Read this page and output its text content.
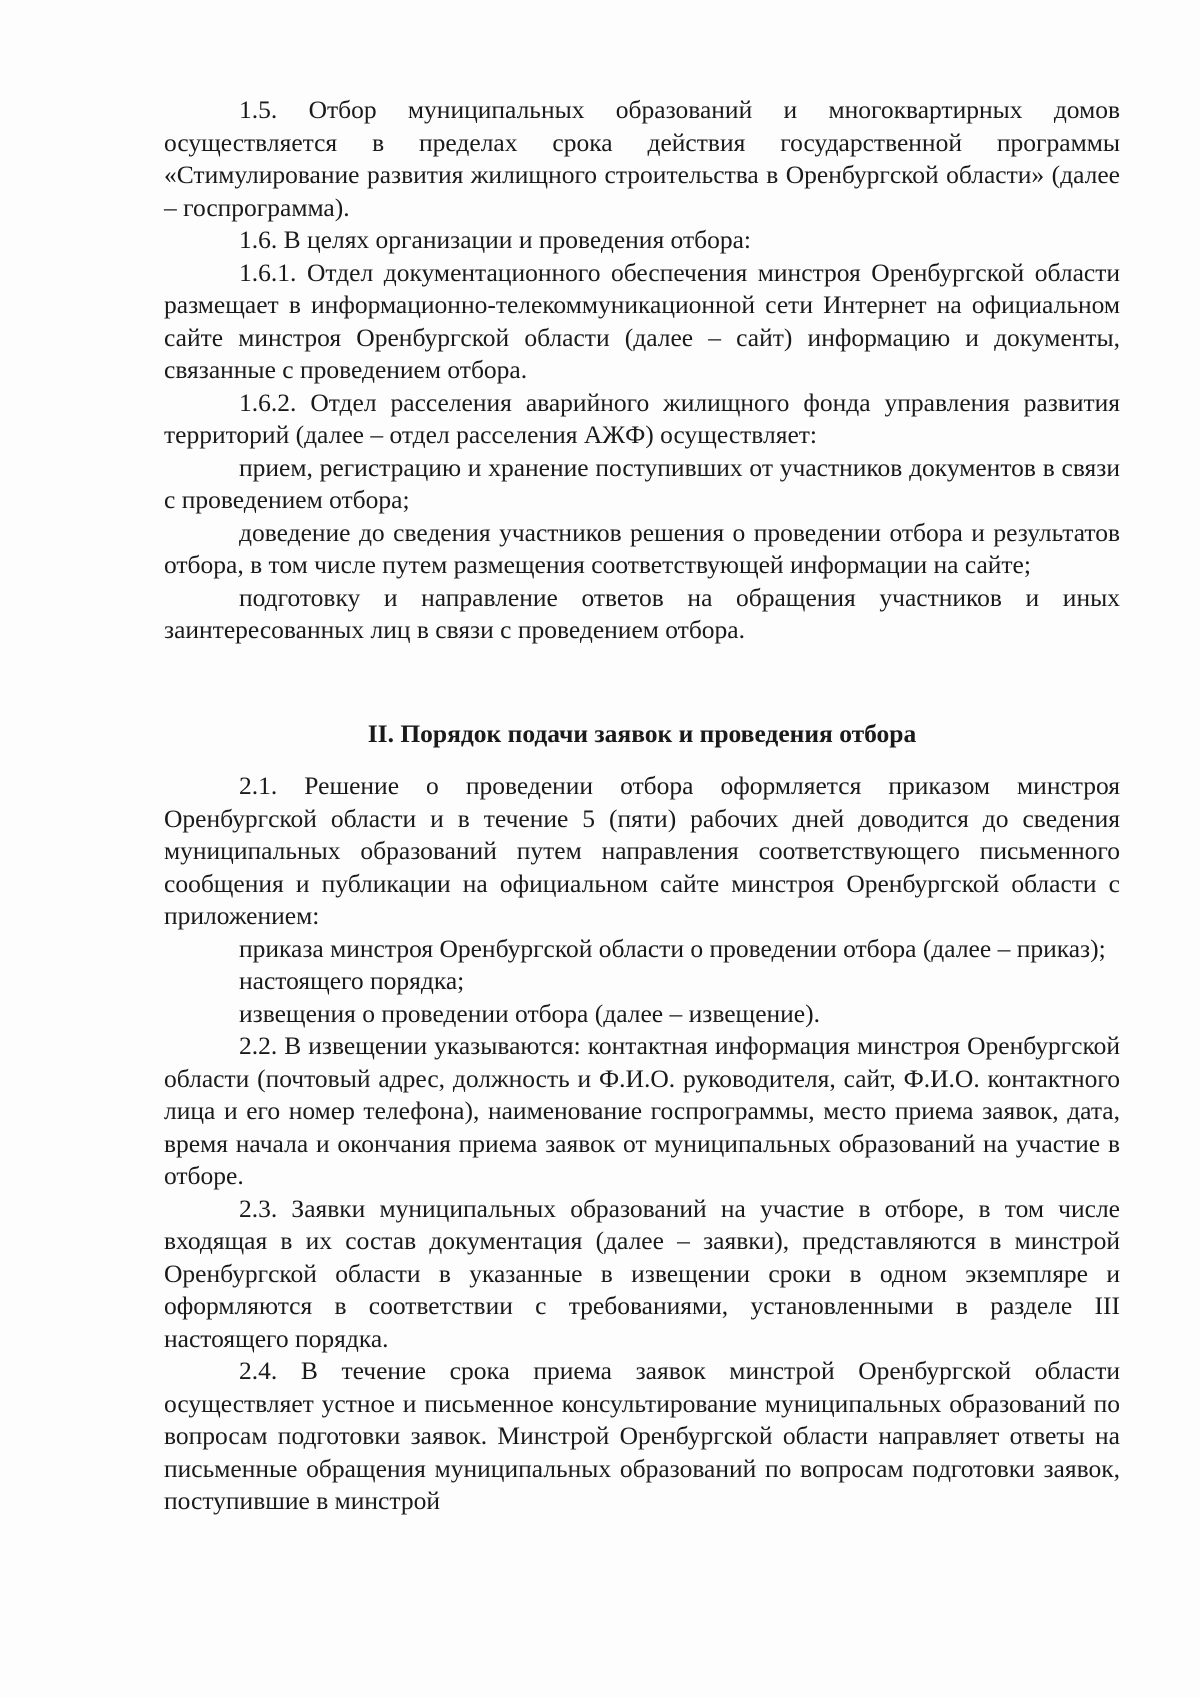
1.5. Отбор муниципальных образований и многоквартирных домов осуществляется в пределах срока действия государственной программы «Стимулирование развития жилищного строительства в Оренбургской области» (далее – госпрограмма).

1.6. В целях организации и проведения отбора:

1.6.1. Отдел документационного обеспечения минстроя Оренбургской области размещает в информационно-телекоммуникационной сети Интернет на официальном сайте минстроя Оренбургской области (далее – сайт) информацию и документы, связанные с проведением отбора.

1.6.2. Отдел расселения аварийного жилищного фонда управления развития территорий (далее – отдел расселения АЖФ) осуществляет:

прием, регистрацию и хранение поступивших от участников документов в связи с проведением отбора;

доведение до сведения участников решения о проведении отбора и результатов отбора, в том числе путем размещения соответствующей информации на сайте;

подготовку и направление ответов на обращения участников и иных заинтересованных лиц в связи с проведением отбора.

II. Порядок подачи заявок и проведения отбора

2.1. Решение о проведении отбора оформляется приказом минстроя Оренбургской области и в течение 5 (пяти) рабочих дней доводится до сведения муниципальных образований путем направления соответствующего письменного сообщения и публикации на официальном сайте минстроя Оренбургской области с приложением:

приказа минстроя Оренбургской области о проведении отбора (далее – приказ);

настоящего порядка;

извещения о проведении отбора (далее – извещение).

2.2. В извещении указываются: контактная информация минстроя Оренбургской области (почтовый адрес, должность и Ф.И.О. руководителя, сайт, Ф.И.О. контактного лица и его номер телефона), наименование госпрограммы, место приема заявок, дата, время начала и окончания приема заявок от муниципальных образований на участие в отборе.

2.3. Заявки муниципальных образований на участие в отборе, в том числе входящая в их состав документация (далее – заявки), представляются в минстрой Оренбургской области в указанные в извещении сроки в одном экземпляре и оформляются в соответствии с требованиями, установленными в разделе III настоящего порядка.

2.4. В течение срока приема заявок минстрой Оренбургской области осуществляет устное и письменное консультирование муниципальных образований по вопросам подготовки заявок. Минстрой Оренбургской области направляет ответы на письменные обращения муниципальных образований по вопросам подготовки заявок, поступившие в минстрой
